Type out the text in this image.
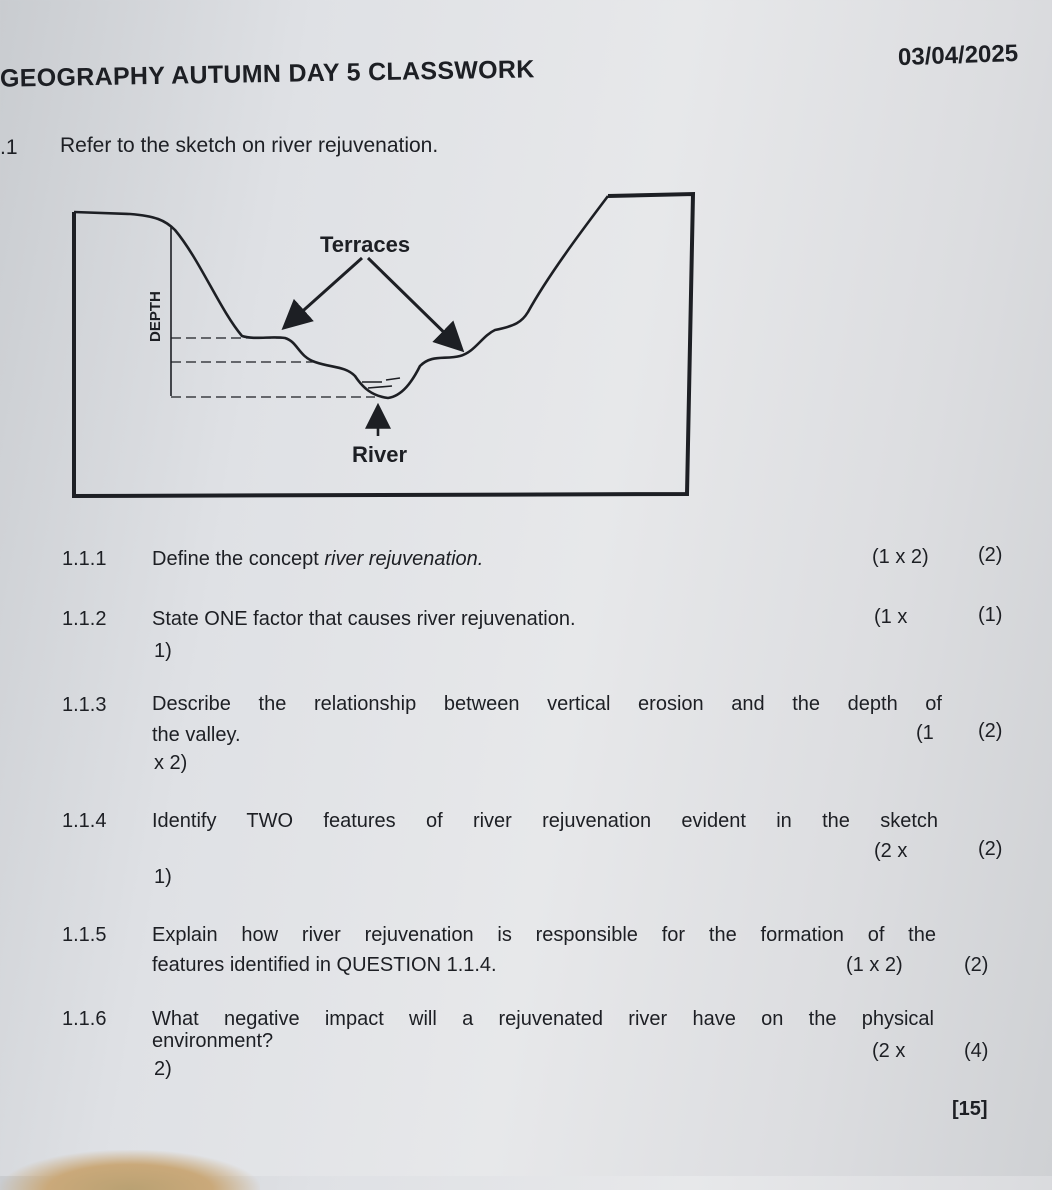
GEOGRAPHY AUTUMN DAY 5 CLASSWORK	03/04/2025
.1 Refer to the sketch on river rejuvenation.
Terraces
River
DEPTH
1.1.1 Define the concept river rejuvenation.	(1 x 2) (2)
1.1.2 State ONE factor that causes river rejuvenation.	(1 x	(1)
1)
1.1.3 Describe the relationship between vertical erosion and the depth of
the valley.	(1 (2)
x 2)
1.1.4 Identify TWO features of river rejuvenation evident in the sketch
(2 x	(2)
1)
1.1.5 Explain how river rejuvenation is responsible for the formation of the
features identified in QUESTION 1.1.4.	(1 x 2)	(2)
1.1.6 What negative impact will a rejuvenated river have on the physical
environment?	(2 x	(4)
2)
[15]
